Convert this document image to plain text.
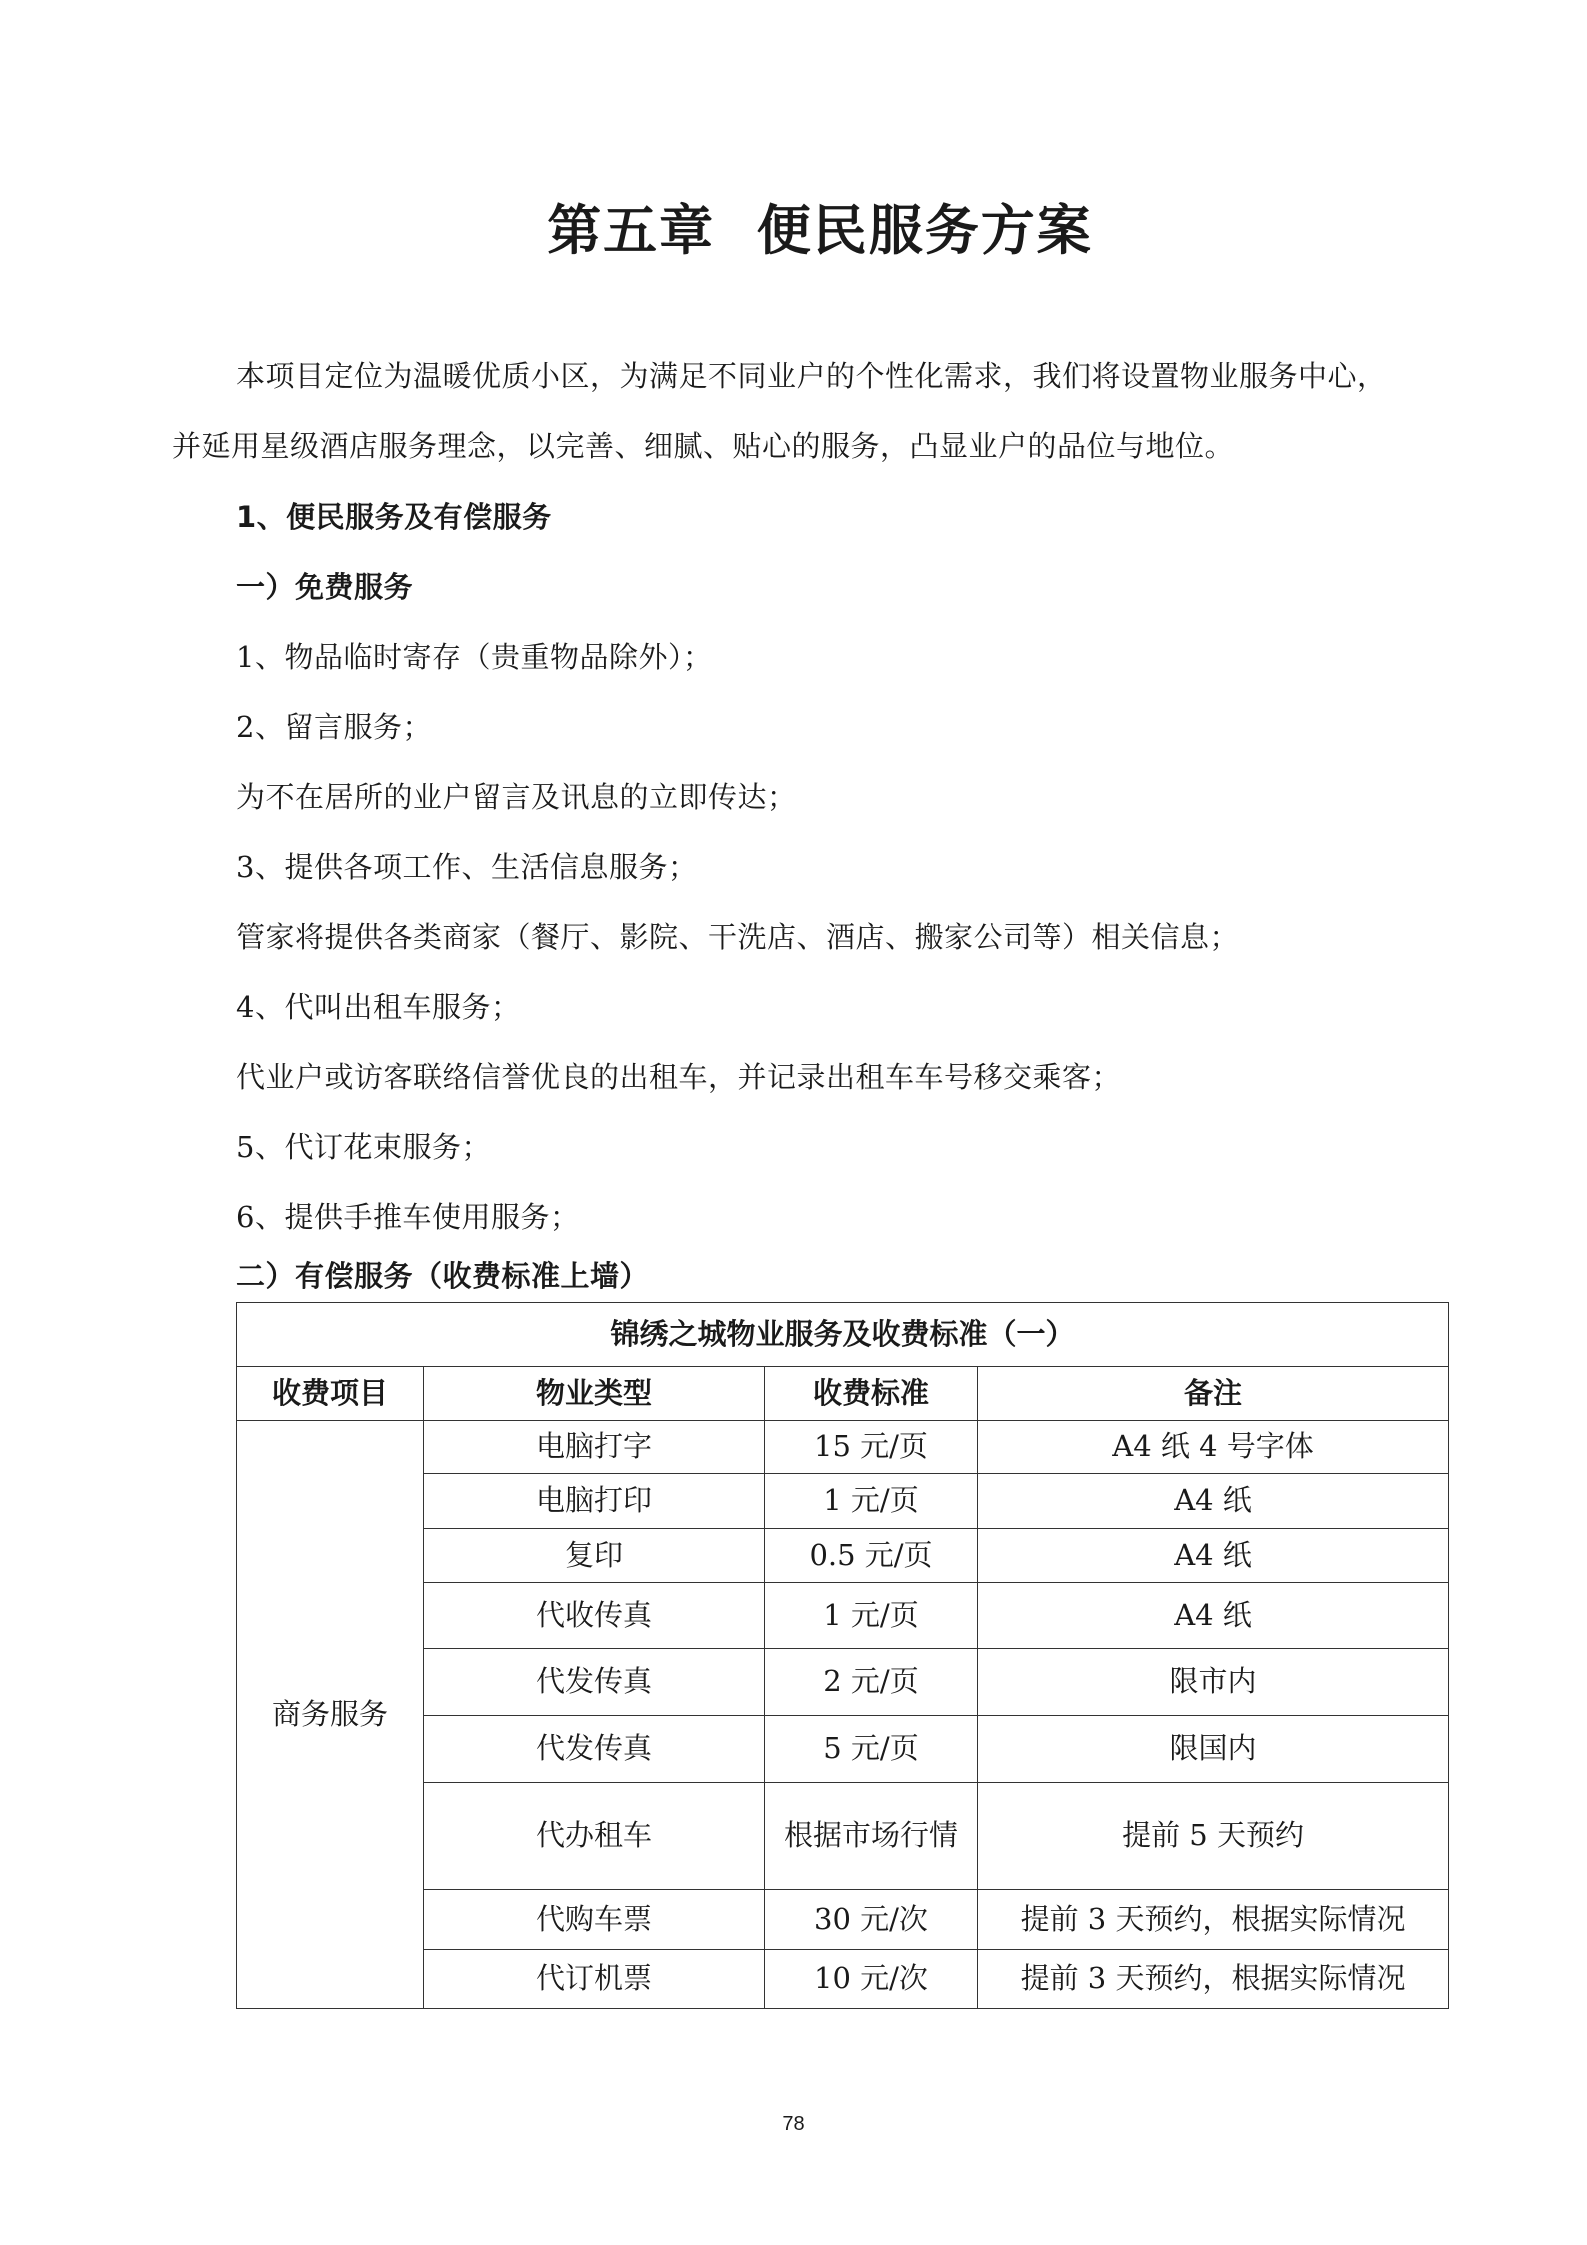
第五章  便民服务方案
本项目定位为温暖优质小区，为满足不同业户的个性化需求，我们将设置物业服务中心，
并延用星级酒店服务理念，以完善、细腻、贴心的服务，凸显业户的品位与地位。
1、便民服务及有偿服务
一）免费服务
1、物品临时寄存（贵重物品除外）；
2、留言服务；
为不在居所的业户留言及讯息的立即传达；
3、提供各项工作、生活信息服务；
管家将提供各类商家（餐厅、影院、干洗店、酒店、搬家公司等）相关信息；
4、代叫出租车服务；
代业户或访客联络信誉优良的出租车，并记录出租车车号移交乘客；
5、代订花束服务；
6、提供手推车使用服务；
二）有偿服务（收费标准上墙）
锦绣之城物业服务及收费标准（一）			
收费项目	物业类型	收费标准	备注
商务服务	电脑打字	15 元/页	A4 纸 4 号字体
	电脑打印	1 元/页	A4 纸
	复印	0.5 元/页	A4 纸
	代收传真	1 元/页	A4 纸
	代发传真	2 元/页	限市内
	代发传真	5 元/页	限国内
	代办租车	根据市场行情	提前 5 天预约
	代购车票	30 元/次	提前 3 天预约，根据实际情况
	代订机票	10 元/次	提前 3 天预约，根据实际情况
78
